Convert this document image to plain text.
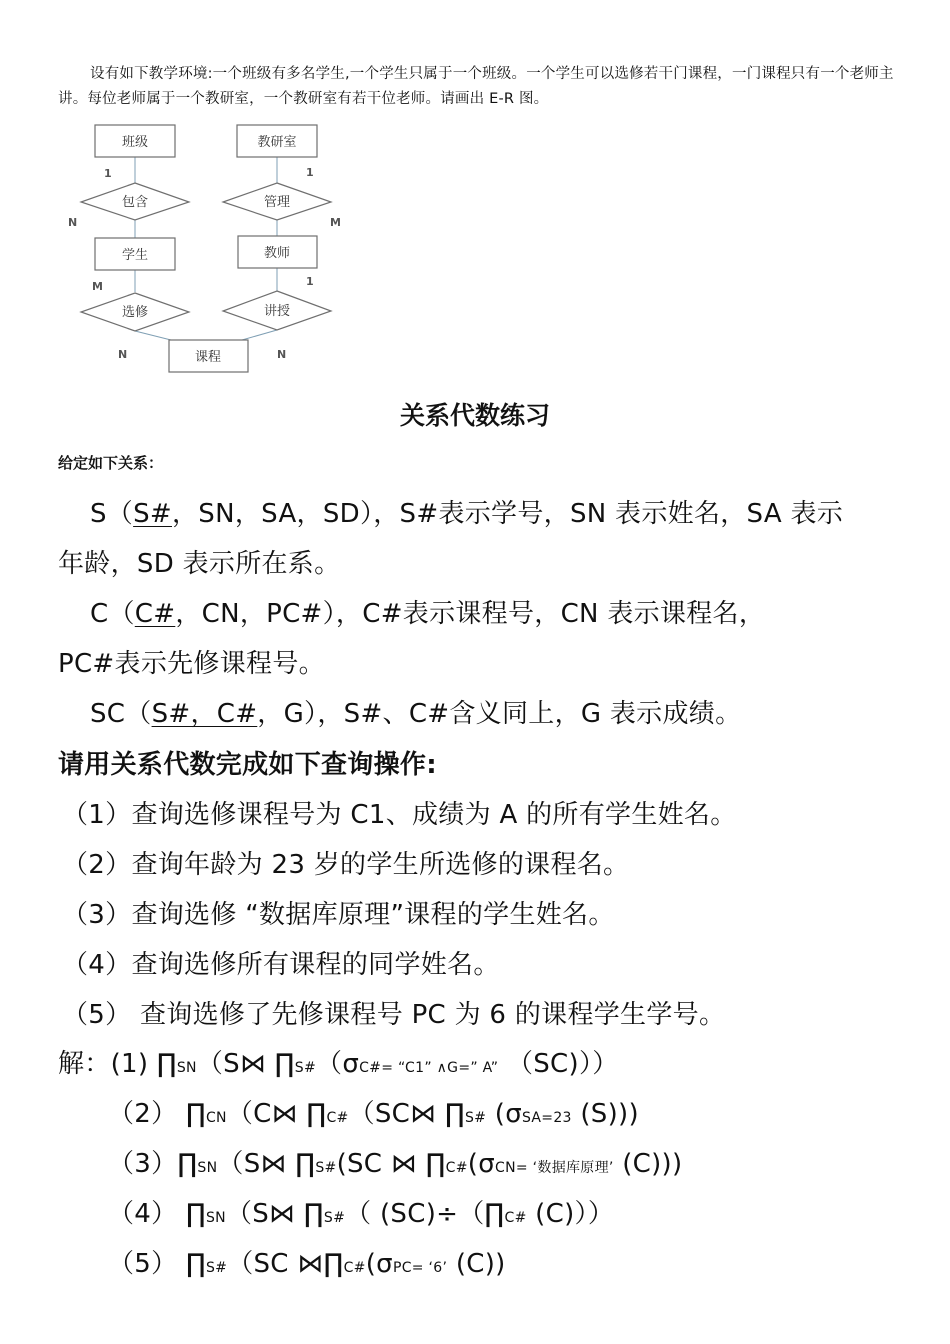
设有如下教学环境:一个班级有多名学生,一个学生只属于一个班级。一个学生可以选修若干门课程，一门课程只有一个老师主讲。每位老师属于一个教研室，一个教研室有若干位老师。请画出 E-R 图。
班级	教研室
学生	教师
课程
包含	管理
选修	讲授
1
N
1
M
M
N
1
N
关系代数练习
给定如下关系：
S（S#，SN，SA，SD），S#表示学号，SN 表示姓名，SA 表示
年龄，SD 表示所在系。
C（C#，CN，PC#），C#表示课程号，CN 表示课程名，
PC#表示先修课程号。
SC（S#，C#，G），S#、C#含义同上，G 表示成绩。
请用关系代数完成如下查询操作:
（1）查询选修课程号为 C1、成绩为 A 的所有学生姓名。
（2）查询年龄为 23 岁的学生所选修的课程名。
（3）查询选修 “数据库原理”课程的学生姓名。
（4）查询选修所有课程的同学姓名。
（5） 查询选修了先修课程号 PC 为 6 的课程学生学号。
解：(1) ∏SN（S⋈ ∏S#（σC#= “C1” ∧G=” A” （SC)））
（2） ∏CN（C⋈ ∏C#（SC⋈ ∏S# (σSA=23 (S)))
（3）∏SN（S⋈ ∏S#(SC ⋈ ∏C#(σCN= ‘数据库原理’ (C)))
（4） ∏SN（S⋈ ∏S#（ (SC)÷（∏C# (C)））
（5） ∏S#（SC ⋈∏C#(σPC= ‘6’ (C))
